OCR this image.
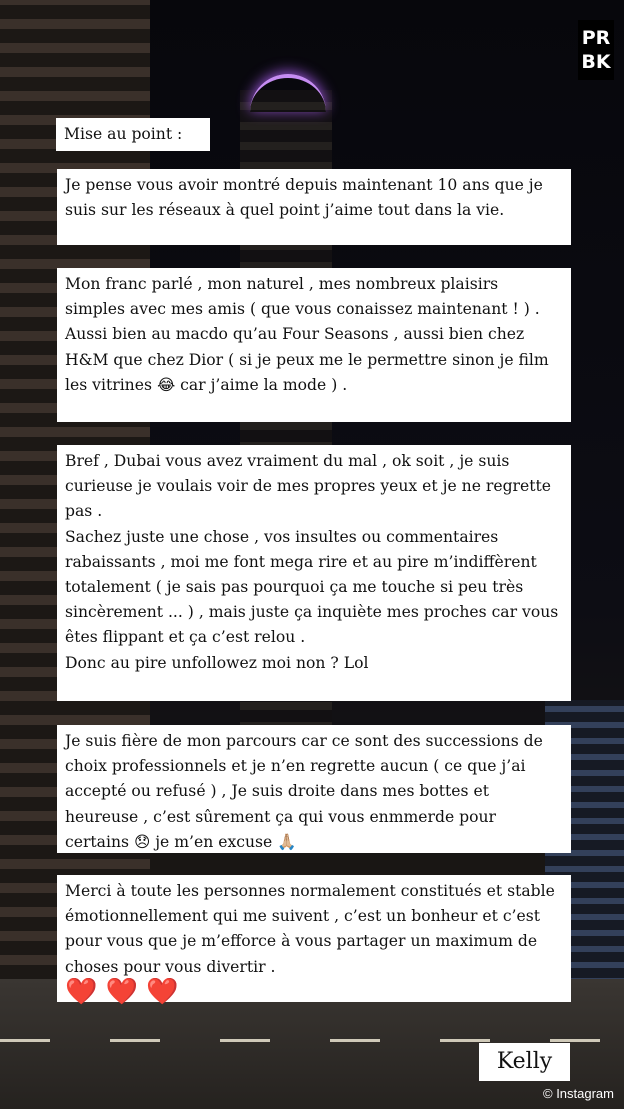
PR
BK

Mise au point :

Je pense vous avoir montré depuis maintenant 10 ans que je suis sur les réseaux à quel point j’aime tout dans la vie.

Mon franc parlé , mon naturel , mes nombreux plaisirs simples avec mes amis ( que vous conaissez maintenant ! ) .

Aussi bien au macdo qu’au Four Seasons , aussi bien chez H&M que chez Dior ( si je peux me le permettre sinon je film les vitrines 😂 car j’aime la mode ) .

Bref , Dubai vous avez vraiment du mal , ok soit , je suis curieuse je voulais voir de mes propres yeux et je ne regrette pas .

Sachez juste une chose , vos insultes ou commentaires rabaissants , moi me font mega rire et au pire m’indiffèrent totalement ( je sais pas pourquoi ça me touche si peu très sincèrement ... ) , mais juste ça inquiète mes proches car vous êtes flippant et ça c’est relou .

Donc au pire unfollowez moi non ? Lol

Je suis fière de mon parcours car ce sont des successions de choix professionnels et je n’en regrette aucun ( ce que j’ai accepté ou refusé ) , Je suis droite dans mes bottes et heureuse , c’est sûrement ça qui vous enmmerde pour certains 😞 je m’en excuse 🙏🏼

Merci à toute les personnes normalement constitués et stable émotionnellement qui me suivent , c’est un bonheur et c’est pour vous que je m’efforce à vous partager un maximum de choses pour vous divertir .

❤️ ❤️ ❤️

Kelly
© Instagram
